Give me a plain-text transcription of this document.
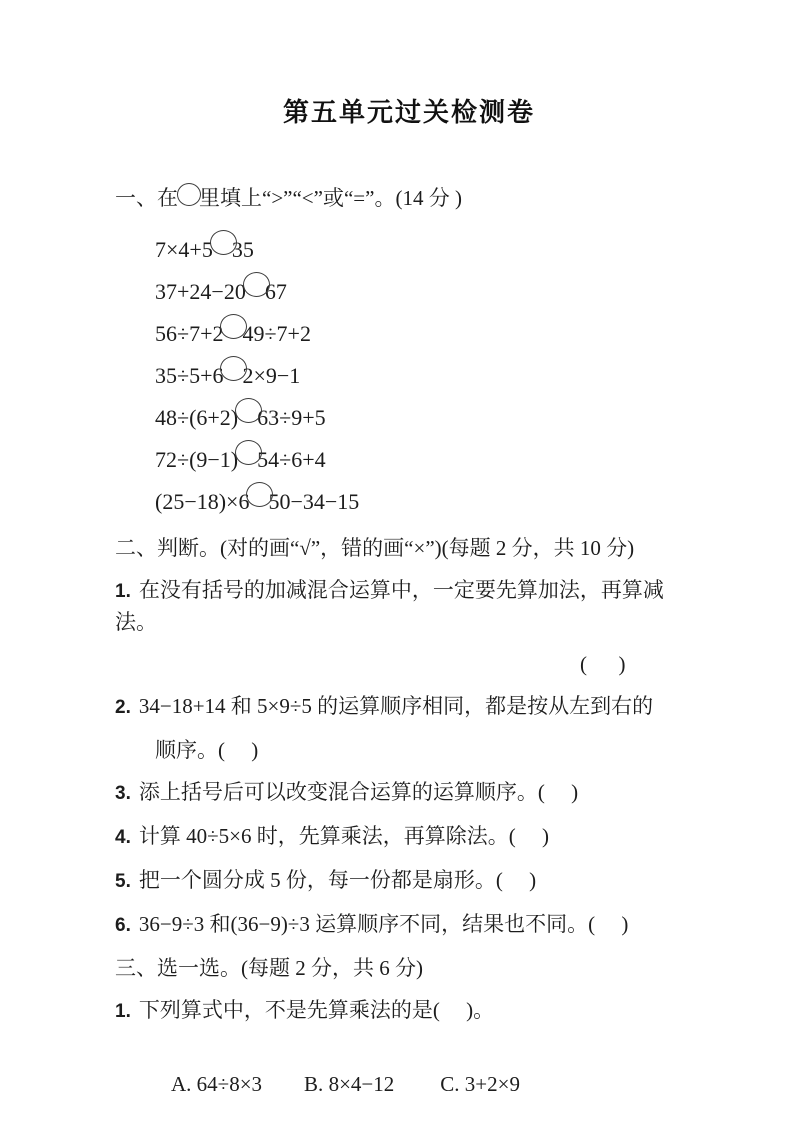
第五单元过关检测卷
一、在 里填上“>”“<”或“=”。(14 分 )
7×4+5 35
37+24−20 67
56÷7+2 49÷7+2
35÷5+6 2×9−1
48÷(6+2) 63÷9+5
72÷(9−1) 54÷6+4
(25−18)×6 50−34−15
二、判断。(对的画“√”，错的画“×”)(每题 2 分，共 10 分)
1. 在没有括号的加减混合运算中，一定要先算加法，再算减法。
(      )
2. 34−18+14 和 5×9÷5 的运算顺序相同，都是按从左到右的
顺序。(     )
3. 添上括号后可以改变混合运算的运算顺序。(     )
4. 计算 40÷5×6 时，先算乘法，再算除法。(     )
5. 把一个圆分成 5 份，每一份都是扇形。(     )
6. 36−9÷3 和(36−9)÷3 运算顺序不同，结果也不同。(     )
三、选一选。(每题 2 分，共 6 分)
1. 下列算式中，不是先算乘法的是(     )。

A. 64÷8×3 B. 8×4−12 C. 3+2×9
